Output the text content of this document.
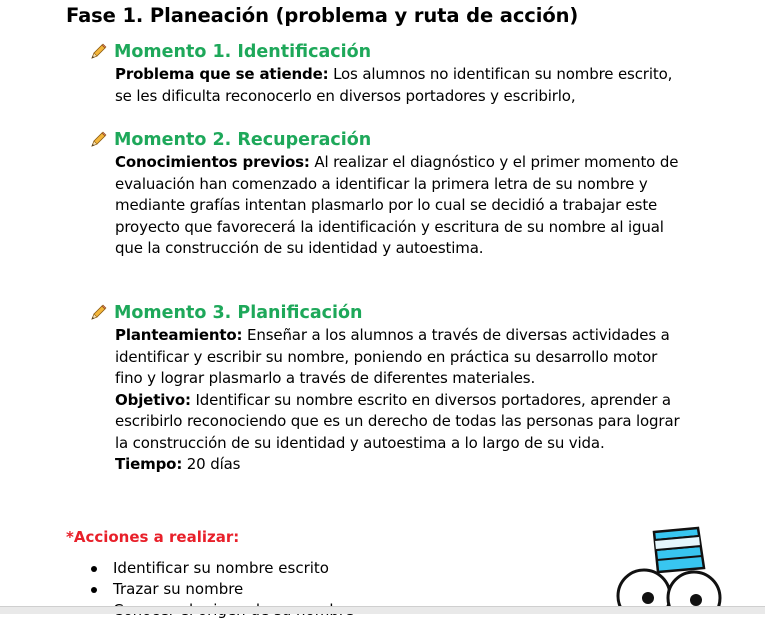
Fase 1. Planeación (problema y ruta de acción)
Momento 1. Identificación
Problema que se atiende: Los alumnos no identifican su nombre escrito, se les dificulta reconocerlo en diversos portadores y escribirlo,
Momento 2. Recuperación
Conocimientos previos: Al realizar el diagnóstico y el primer momento de evaluación han comenzado a identificar la primera letra de su nombre y mediante grafías intentan plasmarlo por lo cual se decidió a trabajar este proyecto que favorecerá la identificación y escritura de su nombre al igual que la construcción de su identidad y autoestima.
Momento 3. Planificación
Planteamiento: Enseñar a los alumnos a través de diversas actividades a identificar y escribir su nombre, poniendo en práctica su desarrollo motor fino y lograr plasmarlo a través de diferentes materiales.
Objetivo: Identificar su nombre escrito en diversos portadores, aprender a escribirlo reconociendo que es un derecho de todas las personas para lograr la construcción de su identidad y autoestima a lo largo de su vida.
Tiempo: 20 días
*Acciones a realizar:
Identificar su nombre escrito
Trazar su nombre
